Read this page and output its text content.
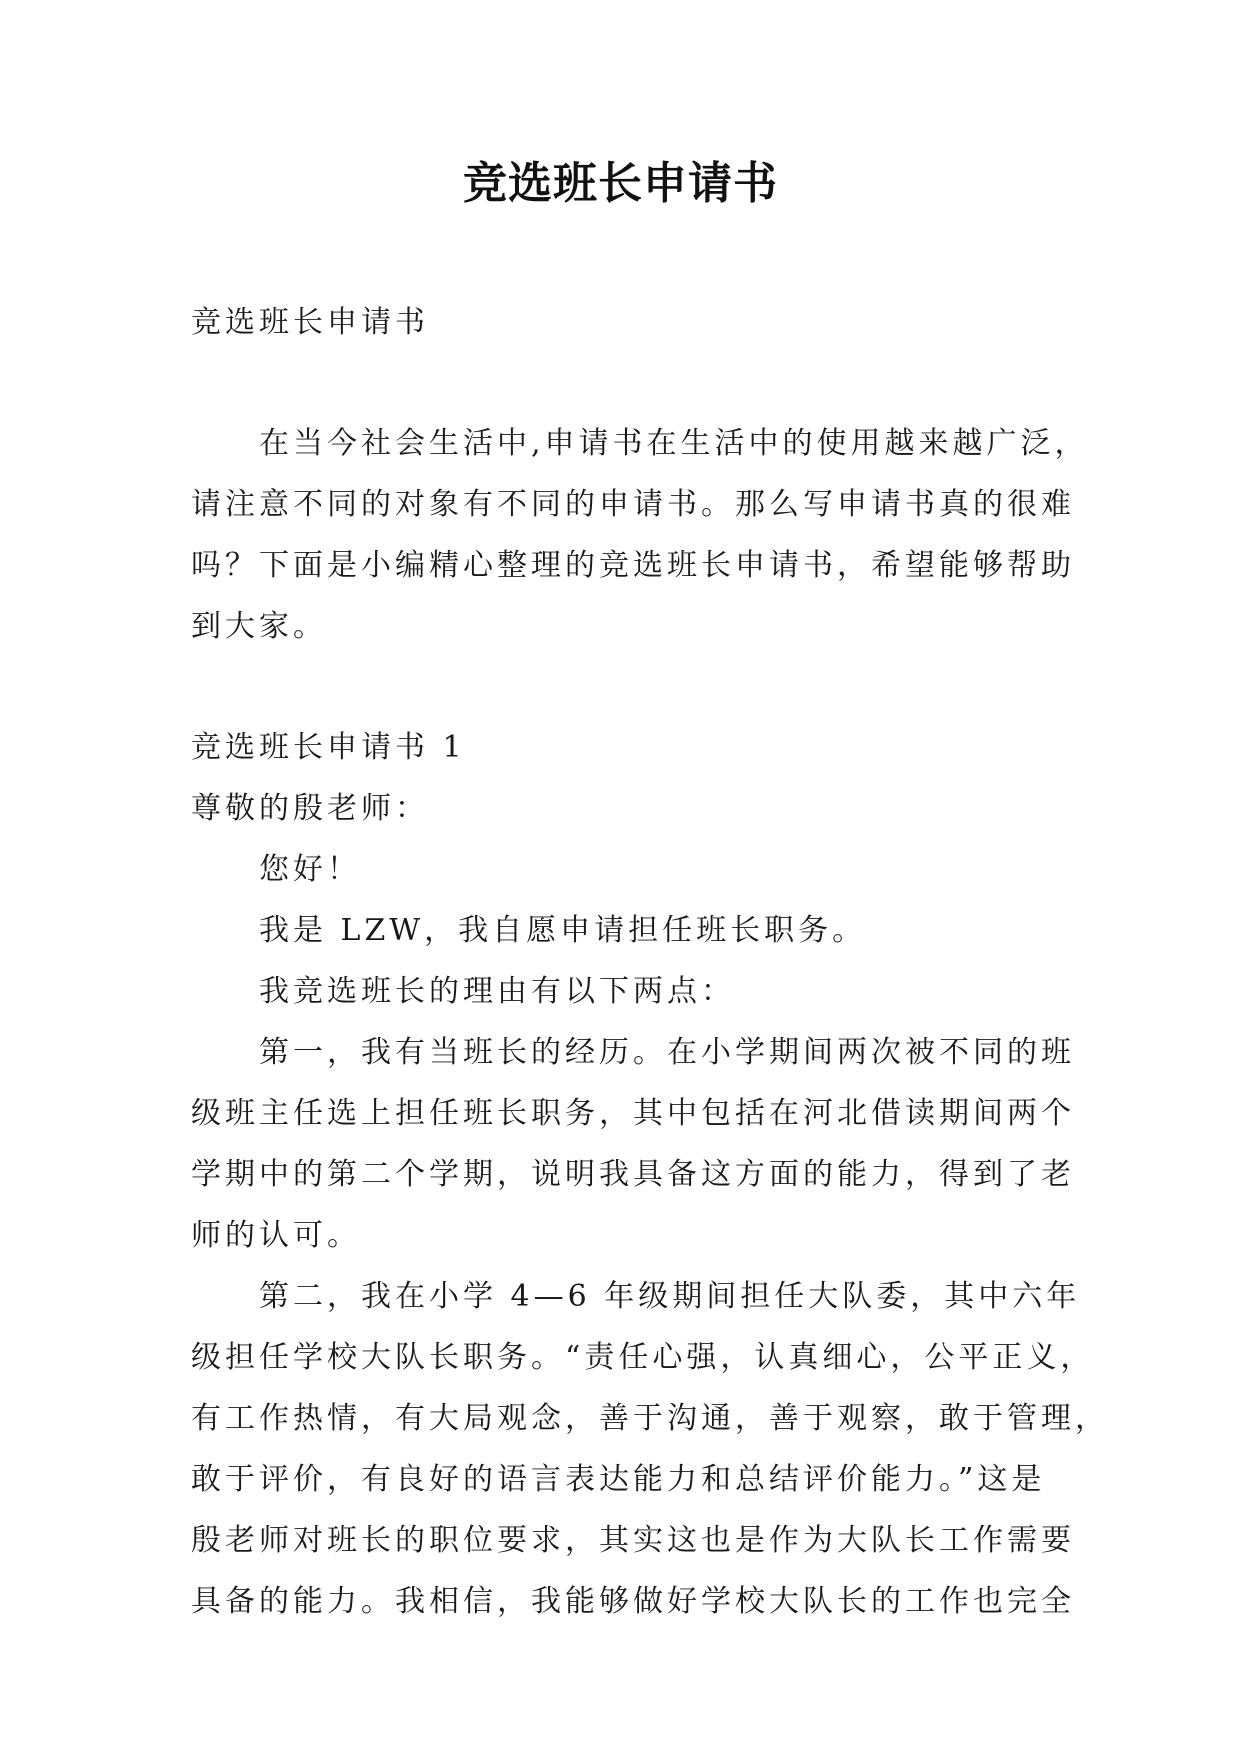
竞选班长申请书

竞选班长申请书

在当今社会生活中,申请书在生活中的使用越来越广泛，

请注意不同的对象有不同的申请书。那么写申请书真的很难

吗？下面是小编精心整理的竞选班长申请书，希望能够帮助

到大家。

竞选班长申请书 1

尊敬的殷老师：

您好！

我是 LZW，我自愿申请担任班长职务。

我竞选班长的理由有以下两点：

第一，我有当班长的经历。在小学期间两次被不同的班

级班主任选上担任班长职务，其中包括在河北借读期间两个

学期中的第二个学期，说明我具备这方面的能力，得到了老

师的认可。

第二，我在小学 4—6 年级期间担任大队委，其中六年

级担任学校大队长职务。“责任心强，认真细心，公平正义，

有工作热情，有大局观念，善于沟通，善于观察，敢于管理，

敢于评价，有良好的语言表达能力和总结评价能力。”这是

殷老师对班长的职位要求，其实这也是作为大队长工作需要

具备的能力。我相信，我能够做好学校大队长的工作也完全
